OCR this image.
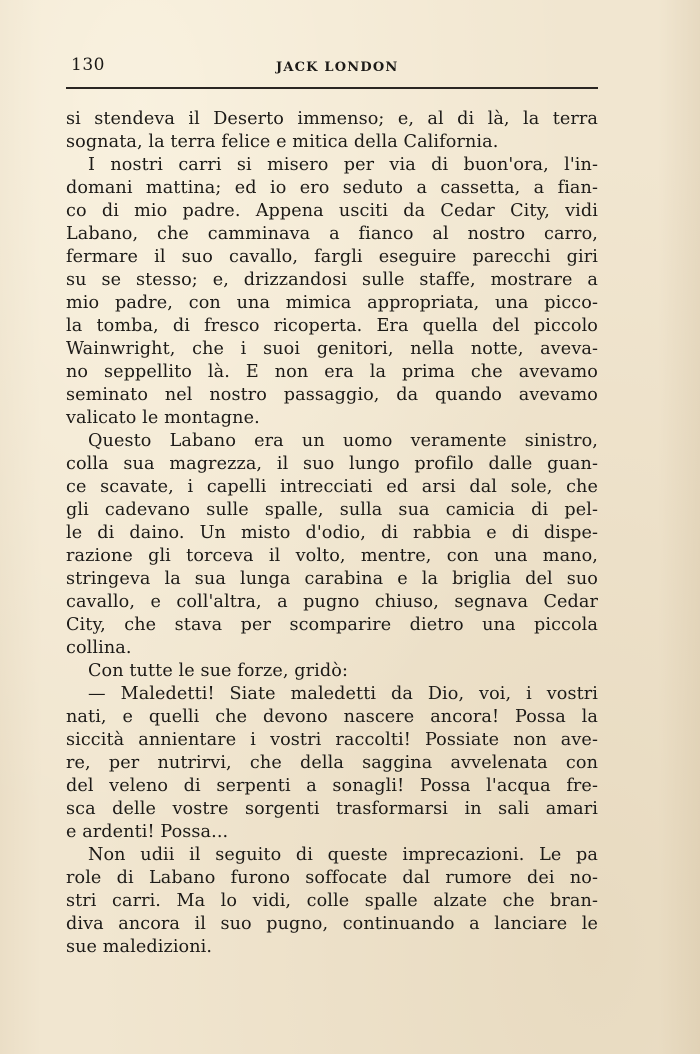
130	JACK LONDON
si stendeva il Deserto immenso; e, al di là, la terra
sognata, la terra felice e mitica della California.
I nostri carri si misero per via di buon'ora, l'in-
domani mattina; ed io ero seduto a cassetta, a fian-
co di mio padre. Appena usciti da Cedar City, vidi
Labano, che camminava a fianco al nostro carro,
fermare il suo cavallo, fargli eseguire parecchi giri
su se stesso; e, drizzandosi sulle staffe, mostrare a
mio padre, con una mimica appropriata, una picco-
la tomba, di fresco ricoperta. Era quella del piccolo
Wainwright, che i suoi genitori, nella notte, aveva-
no seppellito là. E non era la prima che avevamo
seminato nel nostro passaggio, da quando avevamo
valicato le montagne.
Questo Labano era un uomo veramente sinistro,
colla sua magrezza, il suo lungo profilo dalle guan-
ce scavate, i capelli intrecciati ed arsi dal sole, che
gli cadevano sulle spalle, sulla sua camicia di pel-
le di daino. Un misto d'odio, di rabbia e di dispe-
razione gli torceva il volto, mentre, con una mano,
stringeva la sua lunga carabina e la briglia del suo
cavallo, e coll'altra, a pugno chiuso, segnava Cedar
City, che stava per scomparire dietro una piccola
collina.
Con tutte le sue forze, gridò:
— Maledetti! Siate maledetti da Dio, voi, i vostri
nati, e quelli che devono nascere ancora! Possa la
siccità annientare i vostri raccolti! Possiate non ave-
re, per nutrirvi, che della saggina avvelenata con
del veleno di serpenti a sonagli! Possa l'acqua fre-
sca delle vostre sorgenti trasformarsi in sali amari
e ardenti! Possa...
Non udii il seguito di queste imprecazioni. Le pa
role di Labano furono soffocate dal rumore dei no-
stri carri. Ma lo vidi, colle spalle alzate che bran-
diva ancora il suo pugno, continuando a lanciare le
sue maledizioni.
